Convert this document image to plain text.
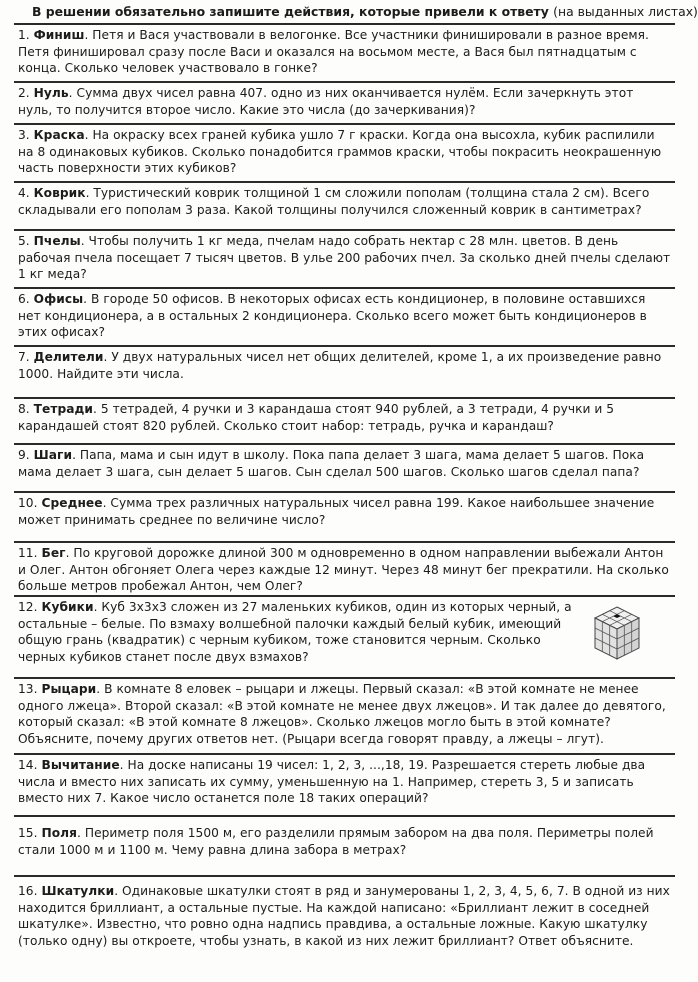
В решении обязательно запишите действия, которые привели к ответу (на выданных листах)
1. Финиш. Петя и Вася участвовали в велогонке. Все участники финишировали в разное время. Петя финишировал сразу после Васи и оказался на восьмом месте, а Вася был пятнадцатым с конца. Сколько человек участвовало в гонке?
2. Нуль. Сумма двух чисел равна 407. одно из них оканчивается нулём. Если зачеркнуть этот нуль, то получится второе число. Какие это числа (до зачеркивания)?
3. Краска. На окраску всех граней кубика ушло 7 г краски. Когда она высохла, кубик распилили на 8 одинаковых кубиков. Сколько понадобится граммов краски, чтобы покрасить неокрашенную часть поверхности этих кубиков?
4. Коврик. Туристический коврик толщиной 1 см сложили пополам (толщина стала 2 см). Всего складывали его пополам 3 раза. Какой толщины получился сложенный коврик в сантиметрах?
5. Пчелы. Чтобы получить 1 кг меда, пчелам надо собрать нектар с 28 млн. цветов. В день рабочая пчела посещает 7 тысяч цветов. В улье 200 рабочих пчел. За сколько дней пчелы сделают 1 кг меда?
6. Офисы. В городе 50 офисов. В некоторых офисах есть кондиционер, в половине оставшихся нет кондиционера, а в остальных 2 кондиционера. Сколько всего может быть кондиционеров в этих офисах?
7. Делители. У двух натуральных чисел нет общих делителей, кроме 1, а их произведение равно 1000. Найдите эти числа.
8. Тетради. 5 тетрадей, 4 ручки и 3 карандаша стоят 940 рублей, а 3 тетради, 4 ручки и 5 карандашей стоят 820 рублей. Сколько стоит набор: тетрадь, ручка и карандаш?
9. Шаги. Папа, мама и сын идут в школу. Пока папа делает 3 шага, мама делает 5 шагов. Пока мама делает 3 шага, сын делает 5 шагов. Сын сделал 500 шагов. Сколько шагов сделал папа?
10. Среднее. Сумма трех различных натуральных чисел равна 199. Какое наибольшее значение может принимать среднее по величине число?
11. Бег. По круговой дорожке длиной 300 м одновременно в одном направлении выбежали Антон и Олег. Антон обгоняет Олега через каждые 12 минут. Через 48 минут бег прекратили. На сколько больше метров пробежал Антон, чем Олег?
12. Кубики. Куб 3х3х3 сложен из 27 маленьких кубиков, один из которых черный, а остальные – белые. По взмаху волшебной палочки каждый белый кубик, имеющий общую грань (квадратик) с черным кубиком, тоже становится черным. Сколько черных кубиков станет после двух взмахов?
13. Рыцари. В комнате 8 еловек – рыцари и лжецы. Первый сказал: «В этой комнате не менее одного лжеца». Второй сказал: «В этой комнате не менее двух лжецов». И так далее до девятого, который сказал: «В этой комнате 8 лжецов». Сколько лжецов могло быть в этой комнате? Объясните, почему других ответов нет. (Рыцари всегда говорят правду, а лжецы – лгут).
14. Вычитание. На доске написаны 19 чисел: 1, 2, 3, ...,18, 19. Разрешается стереть любые два числа и вместо них записать их сумму, уменьшенную на 1. Например, стереть 3, 5 и записать вместо них 7. Какое число останется поле 18 таких операций?
15. Поля. Периметр поля 1500 м, его разделили прямым забором на два поля. Периметры полей стали 1000 м и 1100 м. Чему равна длина забора в метрах?
16. Шкатулки. Одинаковые шкатулки стоят в ряд и занумерованы 1, 2, 3, 4, 5, 6, 7. В одной из них находится бриллиант, а остальные пустые. На каждой написано: «Бриллиант лежит в соседней шкатулке». Известно, что ровно одна надпись правдива, а остальные ложные. Какую шкатулку (только одну) вы откроете, чтобы узнать, в какой из них лежит бриллиант? Ответ объясните.
